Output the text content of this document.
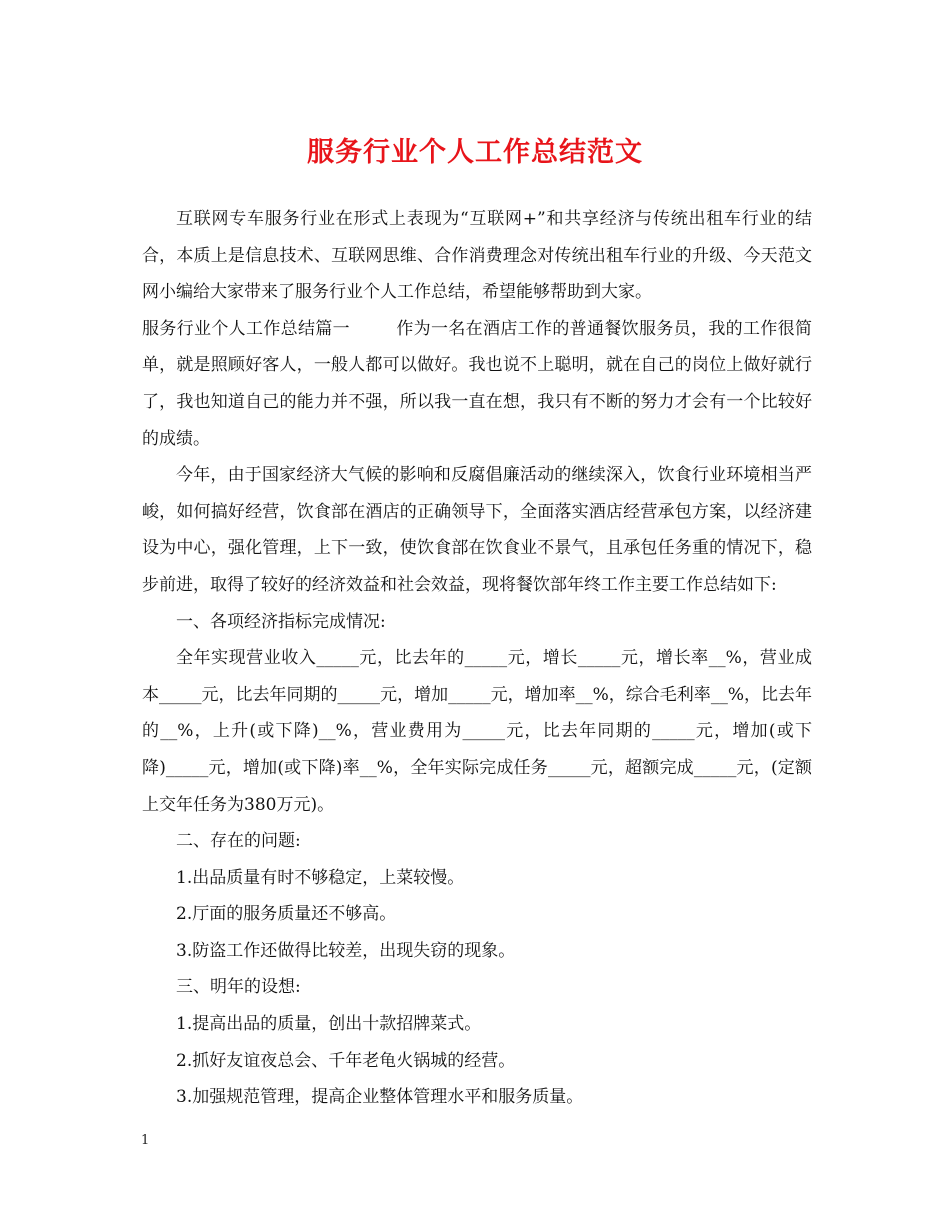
服务行业个人工作总结范文

互联网专车服务行业在形式上表现为“互联网+”和共享经济与传统出租车行业的结合，本质上是信息技术、互联网思维、合作消费理念对传统出租车行业的升级、今天范文网小编给大家带来了服务行业个人工作总结，希望能够帮助到大家。

服务行业个人工作总结篇一	作为一名在酒店工作的普通餐饮服务员，我的工作很简单，就是照顾好客人，一般人都可以做好。我也说不上聪明，就在自己的岗位上做好就行了，我也知道自己的能力并不强，所以我一直在想，我只有不断的努力才会有一个比较好的成绩。

今年，由于国家经济大气候的影响和反腐倡廉活动的继续深入，饮食行业环境相当严峻，如何搞好经营，饮食部在酒店的正确领导下，全面落实酒店经营承包方案，以经济建设为中心，强化管理，上下一致，使饮食部在饮食业不景气，且承包任务重的情况下，稳步前进，取得了较好的经济效益和社会效益，现将餐饮部年终工作主要工作总结如下:

一、各项经济指标完成情况:

全年实现营业收入_____元，比去年的_____元，增长_____元，增长率__%，营业成本_____元，比去年同期的_____元，增加_____元，增加率__%，综合毛利率__%，比去年的__%，上升(或下降)__%，营业费用为_____元，比去年同期的_____元，增加(或下降)_____元，增加(或下降)率__%，全年实际完成任务_____元，超额完成_____元，(定额上交年任务为380万元)。

二、存在的问题:

1.出品质量有时不够稳定，上菜较慢。

2.厅面的服务质量还不够高。

3.防盗工作还做得比较差，出现失窃的现象。

三、明年的设想:

1.提高出品的质量，创出十款招牌菜式。

2.抓好友谊夜总会、千年老龟火锅城的经营。

3.加强规范管理，提高企业整体管理水平和服务质量。

1
